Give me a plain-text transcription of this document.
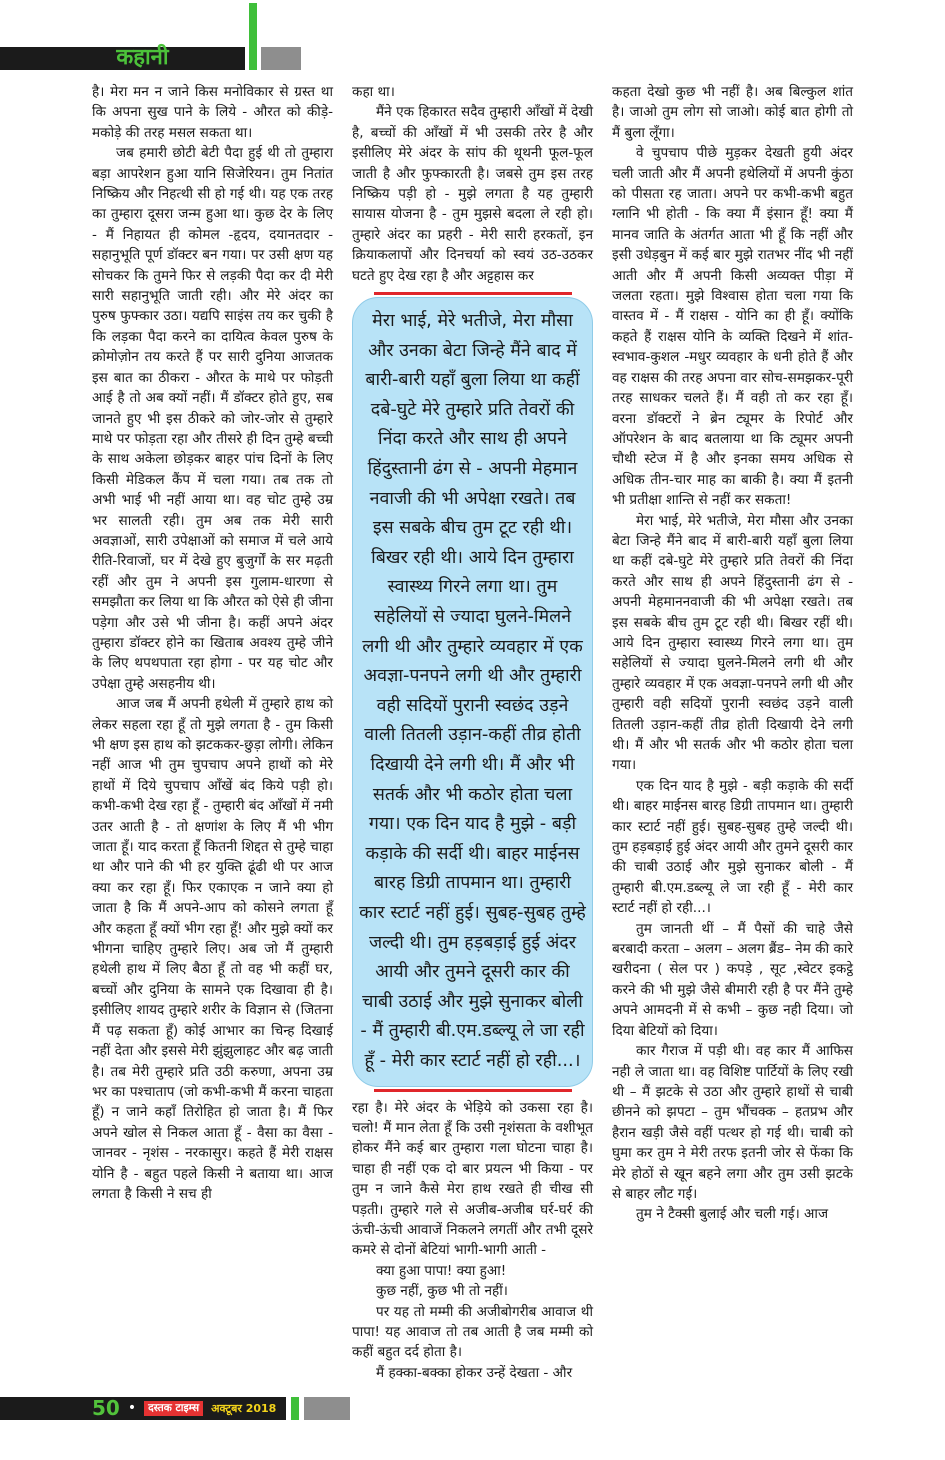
कहानी

है। मेरा मन न जाने किस मनोविकार से ग्रस्त था कि अपना सुख पाने के लिये - औरत को कीड़े-मकोड़े की तरह मसल सकता था।

जब हमारी छोटी बेटी पैदा हुई थी तो तुम्हारा बड़ा आपरेशन हुआ यानि सिजेरियन। तुम नितांत निष्क्रिय और निहत्थी सी हो गई थी। यह एक तरह का तुम्हारा दूसरा जन्म हुआ था। कुछ देर के लिए - मैं निहायत ही कोमल -हृदय, दयानतदार - सहानुभूति पूर्ण डॉक्टर बन गया। पर उसी क्षण यह सोचकर कि तुमने फिर से लड़की पैदा कर दी मेरी सारी सहानुभूति जाती रही। और मेरे अंदर का पुरुष फुफ्कार उठा। यद्यपि साइंस तय कर चुकी है कि लड़का पैदा करने का दायित्व केवल पुरुष के क्रोमोज़ोन तय करते हैं पर सारी दुनिया आजतक इस बात का ठीकरा - औरत के माथे पर फोड़ती आई है तो अब क्यों नहीं। मैं डॉक्टर होते हुए, सब जानते हुए भी इस ठीकरे को जोर-जोर से तुम्हारे माथे पर फोड़ता रहा और तीसरे ही दिन तुम्हे बच्ची के साथ अकेला छोड़कर बाहर पांच दिनों के लिए किसी मेडिकल कैंप में चला गया। तब तक तो अभी भाई भी नहीं आया था। वह चोट तुम्हे उम्र भर सालती रही। तुम अब तक मेरी सारी अवज्ञाओं, सारी उपेक्षाओं को समाज में चले आये रीति-रिवाजों, घर में देखे हुए बुजुर्गों के सर मढ़ती रहीं और तुम ने अपनी इस गुलाम-धारणा से समझौता कर लिया था कि औरत को ऐसे ही जीना पड़ेगा और उसे भी जीना है। कहीं अपने अंदर तुम्हारा डॉक्टर होने का खिताब अवश्य तुम्हे जीने के लिए थपथपाता रहा होगा - पर यह चोट और उपेक्षा तुम्हे असहनीय थी।

आज जब मैं अपनी हथेली में तुम्हारे हाथ को लेकर सहला रहा हूँ तो मुझे लगता है - तुम किसी भी क्षण इस हाथ को झटककर-छुड़ा लोगी। लेकिन नहीं आज भी तुम चुपचाप अपने हाथों को मेरे हाथों में दिये चुपचाप आँखें बंद किये पड़ी हो। कभी-कभी देख रहा हूँ - तुम्हारी बंद आँखों में नमी उतर आती है - तो क्षणांश के लिए मैं भी भीग जाता हूँ। याद करता हूँ कितनी शिद्दत से तुम्हे चाहा था और पाने की भी हर युक्ति ढूंढी थी पर आज क्या कर रहा हूँ। फिर एकाएक न जाने क्या हो जाता है कि मैं अपने-आप को कोसने लगता हूँ और कहता हूँ क्यों भीग रहा हूँ! और मुझे क्यों कर भीगना चाहिए तुम्हारे लिए। अब जो मैं तुम्हारी हथेली हाथ में लिए बैठा हूँ तो वह भी कहीं घर, बच्चों और दुनिया के सामने एक दिखावा ही है। इसीलिए शायद तुम्हारे शरीर के विज्ञान से (जितना मैं पढ़ सकता हूँ) कोई आभार का चिन्ह दिखाई नहीं देता और इससे मेरी झुंझुलाहट और बढ़ जाती है। तब मेरी तुम्हारे प्रति उठी करुणा, अपना उम्र भर का पश्चाताप (जो कभी-कभी मैं करना चाहता हूँ) न जाने कहाँ तिरोहित हो जाता है। मैं फिर अपने खोल से निकल आता हूँ - वैसा का वैसा - जानवर - नृशंस - नरकासुर। कहते हैं मेरी राक्षस योनि है - बहुत पहले किसी ने बताया था। आज लगता है किसी ने सच ही

कहा था।

मैंने एक हिकारत सदैव तुम्हारी आँखों में देखी है, बच्चों की आँखों में भी उसकी तरेर है और इसीलिए मेरे अंदर के सांप की थूथनी फूल-फूल जाती है और फुफ्कारती है। जबसे तुम इस तरह निष्क्रिय पड़ी हो - मुझे लगता है यह तुम्हारी सायास योजना है - तुम मुझसे बदला ले रही हो। तुम्हारे अंदर का प्रहरी - मेरी सारी हरकतों, इन क्रियाकलापों और दिनचर्या को स्वयं उठ-उठकर घटते हुए देख रहा है और अट्टहास कर

मेरा भाई, मेरे भतीजे, मेरा मौसा और उनका बेटा जिन्हे मैंने बाद में बारी-बारी यहाँ बुला लिया था कहीं दबे-घुटे मेरे तुम्हारे प्रति तेवरों की निंदा करते और साथ ही अपने हिंदुस्तानी ढंग से - अपनी मेहमान नवाजी की भी अपेक्षा रखते। तब इस सबके बीच तुम टूट रही थी। बिखर रही थी। आये दिन तुम्हारा स्वास्थ्य गिरने लगा था। तुम सहेलियों से ज्यादा घुलने-मिलने लगी थी और तुम्हारे व्यवहार में एक अवज्ञा-पनपने लगी थी और तुम्हारी वही सदियों पुरानी स्वछंद उड़ने वाली तितली उड़ान-कहीं तीव्र होती दिखायी देने लगी थी। मैं और भी सतर्क और भी कठोर होता चला गया। एक दिन याद है मुझे - बड़ी कड़ाके की सर्दी थी। बाहर माईनस बारह डिग्री तापमान था। तुम्हारी कार स्टार्ट नहीं हुई। सुबह-सुबह तुम्हे जल्दी थी। तुम हड़बड़ाई हुई अंदर आयी और तुमने दूसरी कार की चाबी उठाई और मुझे सुनाकर बोली - मैं तुम्हारी बी.एम.डब्ल्यू ले जा रही हूँ - मेरी कार स्टार्ट नहीं हो रही...।

रहा है। मेरे अंदर के भेड़िये को उकसा रहा है। चलो! मैं मान लेता हूँ कि उसी नृशंसता के वशीभूत होकर मैंने कई बार तुम्हारा गला घोटना चाहा है। चाहा ही नहीं एक दो बार प्रयत्न भी किया - पर तुम न जाने कैसे मेरा हाथ रखते ही चीख सी पड़ती। तुम्हारे गले से अजीब-अजीब घर्र-घर्र की ऊंची-ऊंची आवाजें निकलने लगतीं और तभी दूसरे कमरे से दोनों बेटियां भागी-भागी आती -

क्या हुआ पापा! क्या हुआ!

कुछ नहीं, कुछ भी तो नहीं।

पर यह तो मम्मी की अजीबोगरीब आवाज थी पापा! यह आवाज तो तब आती है जब मम्मी को कहीं बहुत दर्द होता है।

मैं हक्का-बक्का होकर उन्हें देखता - और

कहता देखो कुछ भी नहीं है। अब बिल्कुल शांत है। जाओ तुम लोग सो जाओ। कोई बात होगी तो मैं बुला लूँगा।

वे चुपचाप पीछे मुड़कर देखती हुयी अंदर चली जाती और मैं अपनी हथेलियों में अपनी कुंठा को पीसता रह जाता। अपने पर कभी-कभी बहुत ग्लानि भी होती - कि क्या मैं इंसान हूँ! क्या मैं मानव जाति के अंतर्गत आता भी हूँ कि नहीं और इसी उधेड़बुन में कई बार मुझे रातभर नींद भी नहीं आती और मैं अपनी किसी अव्यक्त पीड़ा में जलता रहता। मुझे विश्वास होता चला गया कि वास्तव में - मैं राक्षस - योनि का ही हूँ। क्योंकि कहते हैं राक्षस योनि के व्यक्ति दिखने में शांत-स्वभाव-कुशल -मधुर व्यवहार के धनी होते हैं और वह राक्षस की तरह अपना वार सोच-समझकर-पूरी तरह साधकर चलते हैं। मैं वही तो कर रहा हूँ। वरना डॉक्टरों ने ब्रेन ट्यूमर के रिपोर्ट और ऑपरेशन के बाद बतलाया था कि ट्यूमर अपनी चौथी स्टेज में है और इनका समय अधिक से अधिक तीन-चार माह का बाकी है। क्या मैं इतनी भी प्रतीक्षा शान्ति से नहीं कर सकता!

मेरा भाई, मेरे भतीजे, मेरा मौसा और उनका बेटा जिन्हे मैंने बाद में बारी-बारी यहाँ बुला लिया था कहीं दबे-घुटे मेरे तुम्हारे प्रति तेवरों की निंदा करते और साथ ही अपने हिंदुस्तानी ढंग से - अपनी मेहमाननवाजी की भी अपेक्षा रखते। तब इस सबके बीच तुम टूट रही थी। बिखर रहीं थी। आये दिन तुम्हारा स्वास्थ्य गिरने लगा था। तुम सहेलियों से ज्यादा घुलने-मिलने लगी थी और तुम्हारे व्यवहार में एक अवज्ञा-पनपने लगी थी और तुम्हारी वही सदियों पुरानी स्वछंद उड़ने वाली तितली उड़ान-कहीं तीव्र होती दिखायी देने लगी थी। मैं और भी सतर्क और भी कठोर होता चला गया।

एक दिन याद है मुझे - बड़ी कड़ाके की सर्दी थी। बाहर माईनस बारह डिग्री तापमान था। तुम्हारी कार स्टार्ट नहीं हुई। सुबह-सुबह तुम्हे जल्दी थी। तुम हड़बड़ाई हुई अंदर आयी और तुमने दूसरी कार की चाबी उठाई और मुझे सुनाकर बोली - मैं तुम्हारी बी.एम.डब्ल्यू ले जा रही हूँ - मेरी कार स्टार्ट नहीं हो रही...।

तुम जानती थीं – मैं पैसों की चाहे जैसे बरबादी करता – अलग – अलग ब्रैंड– नेम की कारे खरीदना ( सेल पर ) कपड़े , सूट ,स्वेटर इकट्ठे करने की भी मुझे जैसे बीमारी रही है पर मैंने तुम्हे अपने आमदनी में से कभी – कुछ नही दिया। जो दिया बेटियों को दिया।

कार गैराज में पड़ी थी। वह कार मैं आफिस नही ले जाता था। वह विशिष्ट पार्टियों के लिए रखी थी – मैं झटके से उठा और तुम्हारे हाथों से चाबी छीनने को झपटा – तुम भौंचक्क – हतप्रभ और हैरान खड़ी जैसे वहीं पत्थर हो गई थी। चाबी को घुमा कर तुम ने मेरी तरफ इतनी जोर से फेंका कि मेरे होठों से खून बहने लगा और तुम उसी झटके से बाहर लौट गई।

तुम ने टैक्सी बुलाई और चली गई। आज

50 •	दस्तक टाइम्स	अक्टूबर 2018
